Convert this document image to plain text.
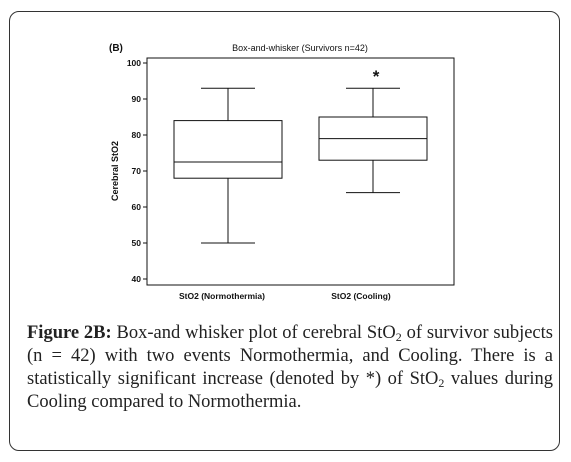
(B)	Box-and-whisker (Survivors n=42)
Cerebral StO2
40
50
60
70
80
90
100
StO2 (Normothermia)
*
StO2 (Cooling)
Figure 2B: Box-and whisker plot of cerebral StO$_2$ of survivor subjects (n = 42) with two events Normothermia, and Cooling. There is a statistically significant increase (denoted by *) of StO$_2$ values during Cooling compared to Normothermia.
